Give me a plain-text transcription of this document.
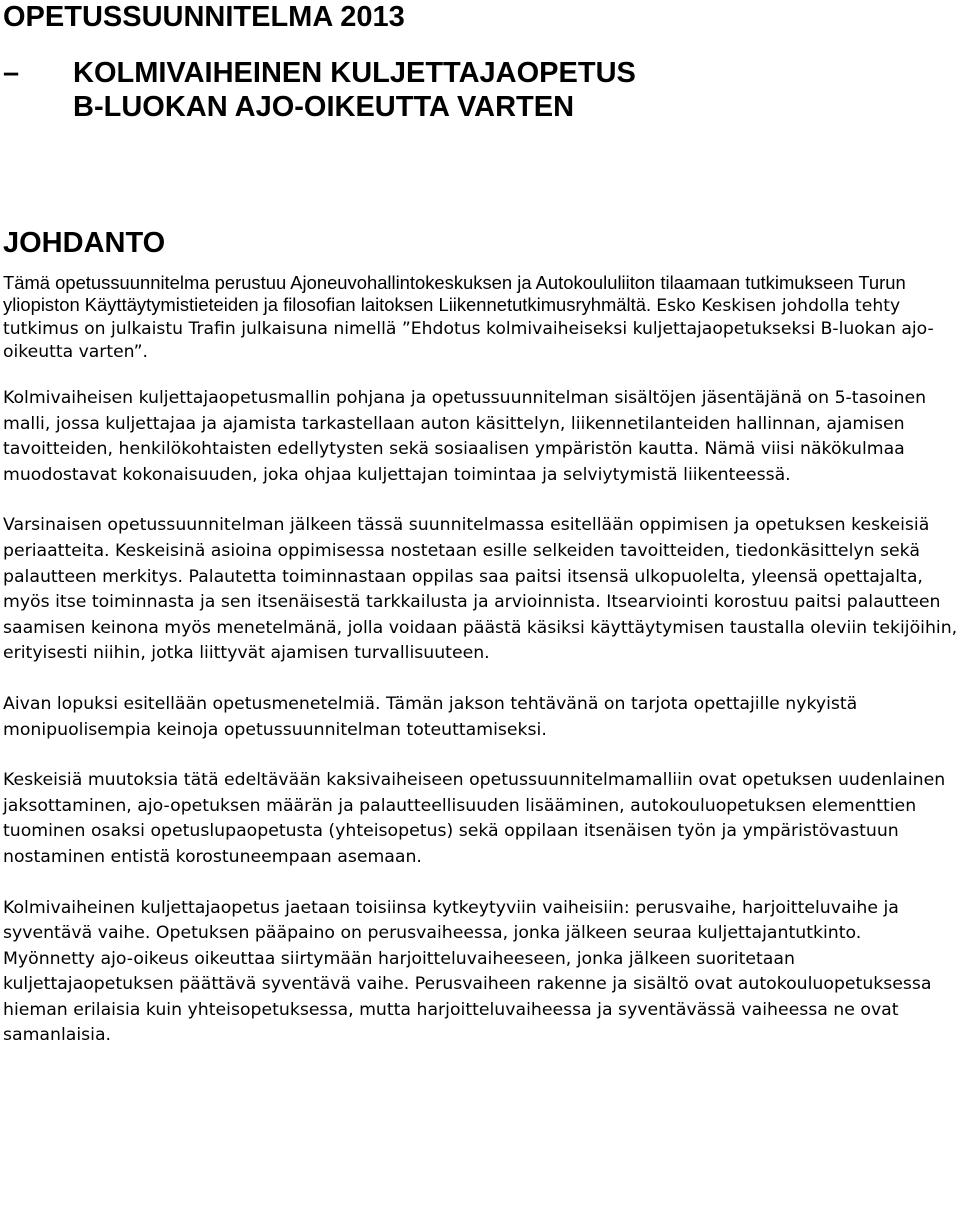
OPETUSSUUNNITELMA 2013
– KOLMIVAIHEINEN KULJETTAJAOPETUS
B-LUOKAN AJO-OIKEUTTA VARTEN
JOHDANTO

Tämä opetussuunnitelma perustuu Ajoneuvohallintokeskuksen ja Autokoululiiton tilaamaan tutkimukseen Turun yliopiston Käyttäytymistieteiden ja filosofian laitoksen Liikennetutkimusryhmältä. Esko Keskisen johdolla tehty tutkimus on julkaistu Trafin julkaisuna nimellä ”Ehdotus kolmivaiheiseksi kuljettajaopetukseksi B-luokan ajo-oikeutta varten”.

Kolmivaiheisen kuljettajaopetusmallin pohjana ja opetussuunnitelman sisältöjen jäsentäjänä on 5-tasoinen malli, jossa kuljettajaa ja ajamista tarkastellaan auton käsittelyn, liikennetilanteiden hallinnan, ajamisen tavoitteiden, henkilökohtaisten edellytysten sekä sosiaalisen ympäristön kautta. Nämä viisi näkökulmaa muodostavat kokonaisuuden, joka ohjaa kuljettajan toimintaa ja selviytymistä liikenteessä.

Varsinaisen opetussuunnitelman jälkeen tässä suunnitelmassa esitellään oppimisen ja opetuksen keskeisiä periaatteita. Keskeisinä asioina oppimisessa nostetaan esille selkeiden tavoitteiden, tiedonkäsittelyn sekä palautteen merkitys. Palautetta toiminnastaan oppilas saa paitsi itsensä ulkopuolelta, yleensä opettajalta, myös itse toiminnasta ja sen itsenäisestä tarkkailusta ja arvioinnista. Itsearviointi korostuu paitsi palautteen saamisen keinona myös menetelmänä, jolla voidaan päästä käsiksi käyttäytymisen taustalla oleviin tekijöihin, erityisesti niihin, jotka liittyvät ajamisen turvallisuuteen.

Aivan lopuksi esitellään opetusmenetelmiä. Tämän jakson tehtävänä on tarjota opettajille nykyistä monipuolisempia keinoja opetussuunnitelman toteuttamiseksi.

Keskeisiä muutoksia tätä edeltävään kaksivaiheiseen opetussuunnitelmamalliin ovat opetuksen uudenlainen jaksottaminen, ajo-opetuksen määrän ja palautteellisuuden lisääminen, autokouluopetuksen elementtien tuominen osaksi opetuslupaopetusta (yhteisopetus) sekä oppilaan itsenäisen työn ja ympäristövastuun nostaminen entistä korostuneempaan asemaan.

Kolmivaiheinen kuljettajaopetus jaetaan toisiinsa kytkeytyviin vaiheisiin: perusvaihe, harjoitteluvaihe ja syventävä vaihe. Opetuksen pääpaino on perusvaiheessa, jonka jälkeen seuraa kuljettajantutkinto. Myönnetty ajo-oikeus oikeuttaa siirtymään harjoitteluvaiheeseen, jonka jälkeen suoritetaan kuljettajaopetuksen päättävä syventävä vaihe. Perusvaiheen rakenne ja sisältö ovat autokouluopetuksessa hieman erilaisia kuin yhteisopetuksessa, mutta harjoitteluvaiheessa ja syventävässä vaiheessa ne ovat samanlaisia.
